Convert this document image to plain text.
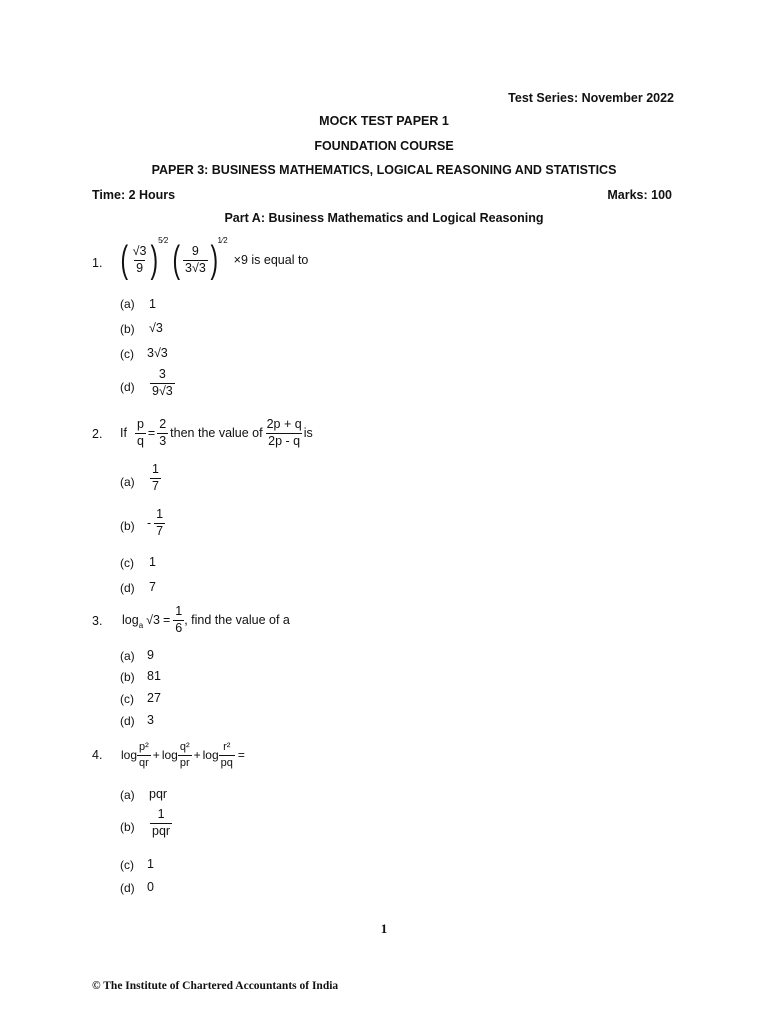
Test Series: November 2022
MOCK TEST PAPER 1
FOUNDATION COURSE
PAPER 3: BUSINESS MATHEMATICS, LOGICAL REASONING AND STATISTICS
Time: 2 Hours	Marks: 100
Part A: Business Mathematics and Logical Reasoning
1. ( $\frac{√3}{9}$ ) 5⁄2 ( $\frac{9}{3√3}$ ) 1⁄2
×9 is equal to
(a) 1
(b) √3
(c) 3√3
$(d) \frac{3}{9√3}$
2. If $\frac{p}{q} = \frac{2}{3}$ then the value of $\frac{2p + q}{2p - q}$ is
$(a) \frac{1}{7}$
$(b) - \frac{1}{7}$
(c) 1
(d) 7
3. log a $√3 = \frac{1}{6}$ , find the value of a
(a) 9
(b) 81
(c) 27
(d) 3
4. $\log \frac{\text{p²}}{qr} + \log \frac{\text{q²}}{pr} + \log \frac{\text{r²}}{pq}$ =
(a) pqr
$(b) \frac{1}{\text{pqr}}$
(c) 1
(d) 0
1
© The Institute of Chartered Accountants of India
